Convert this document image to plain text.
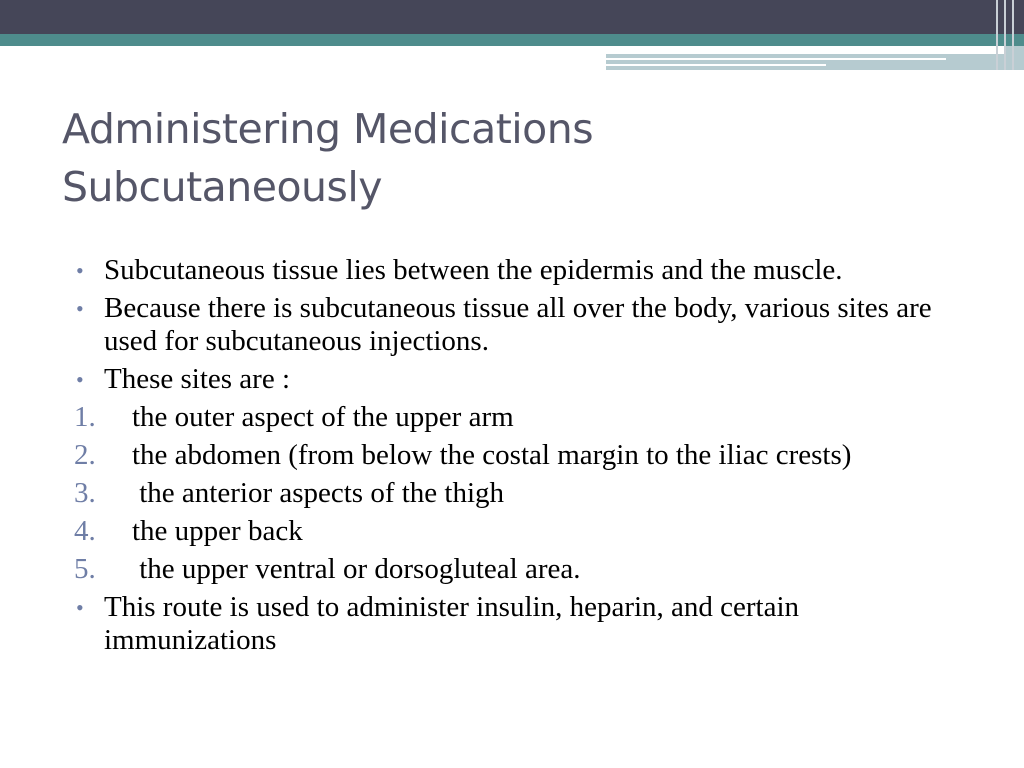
Administering Medications
Subcutaneously
• Subcutaneous tissue lies between the epidermis and the muscle.
• Because there is subcutaneous tissue all over the body, various sites are used for subcutaneous injections.
• These sites are :
1. the outer aspect of the upper arm
2. the abdomen (from below the costal margin to the iliac crests)
3. the anterior aspects of the thigh
4. the upper back
5. the upper ventral or dorsogluteal area.
• This route is used to administer insulin, heparin, and certain immunizations
